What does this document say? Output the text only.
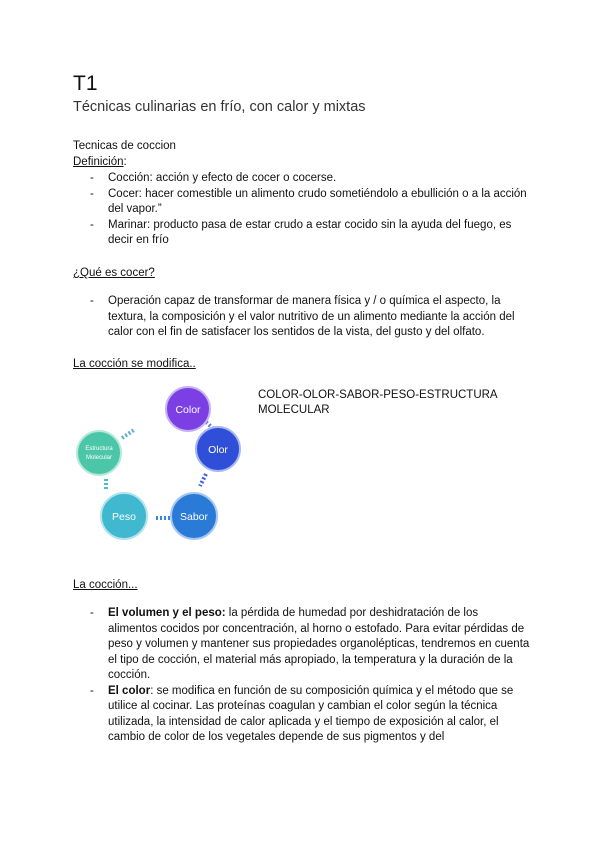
T1
Técnicas culinarias en frío, con calor y mixtas
Tecnicas de coccion
Definición:
- Cocción: acción y efecto de cocer o cocerse.
- Cocer: hacer comestible un alimento crudo sometiéndolo a ebullición o a la acción del vapor.”
- Marinar: producto pasa de estar crudo a estar cocido sin la ayuda del fuego, es decir en frío
¿Qué es cocer?
- Operación capaz de transformar de manera física y / o química el aspecto, la textura, la composición y el valor nutritivo de un alimento mediante la acción del calor con el fin de satisfacer los sentidos de la vista, del gusto y del olfato.
La cocción se modifica..
Color
Olor
Sabor
Peso
Estructura
Molecular
COLOR-OLOR-SABOR-PESO-ESTRUCTURA MOLECULAR
La cocción...
- El volumen y el peso: la pérdida de humedad por deshidratación de los alimentos cocidos por concentración, al horno o estofado. Para evitar pérdidas de peso y volumen y mantener sus propiedades organolépticas, tendremos en cuenta el tipo de cocción, el material más apropiado, la temperatura y la duración de la cocción.
- El color: se modifica en función de su composición química y el método que se utilice al cocinar. Las proteínas coagulan y cambian el color según la técnica utilizada, la intensidad de calor aplicada y el tiempo de exposición al calor, el cambio de color de los vegetales depende de sus pigmentos y del
